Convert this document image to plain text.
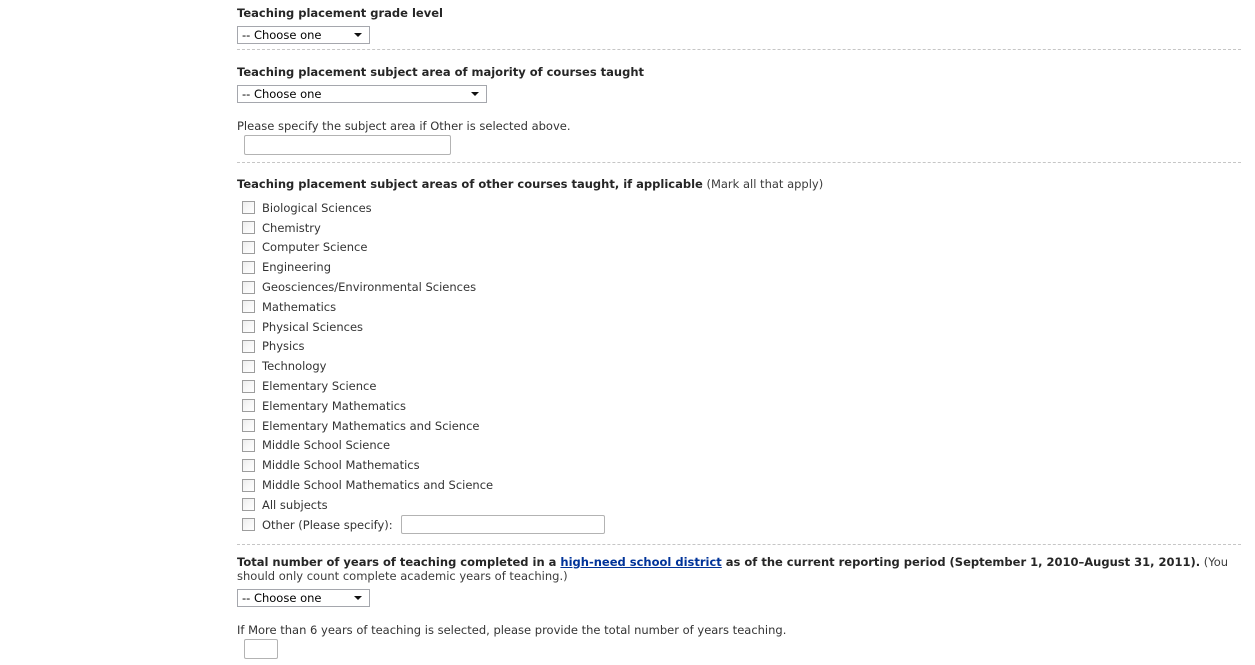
Teaching placement grade level
-- Choose one
Teaching placement subject area of majority of courses taught
-- Choose one
Please specify the subject area if Other is selected above.
Teaching placement subject areas of other courses taught, if applicable (Mark all that apply)
Biological Sciences
Chemistry
Computer Science
Engineering
Geosciences/Environmental Sciences
Mathematics
Physical Sciences
Physics
Technology
Elementary Science
Elementary Mathematics
Elementary Mathematics and Science
Middle School Science
Middle School Mathematics
Middle School Mathematics and Science
All subjects
Other (Please specify):
Total number of years of teaching completed in a high-need school district as of the current reporting period (September 1, 2010–August 31, 2011). (You should only count complete academic years of teaching.)
-- Choose one
If More than 6 years of teaching is selected, please provide the total number of years teaching.
